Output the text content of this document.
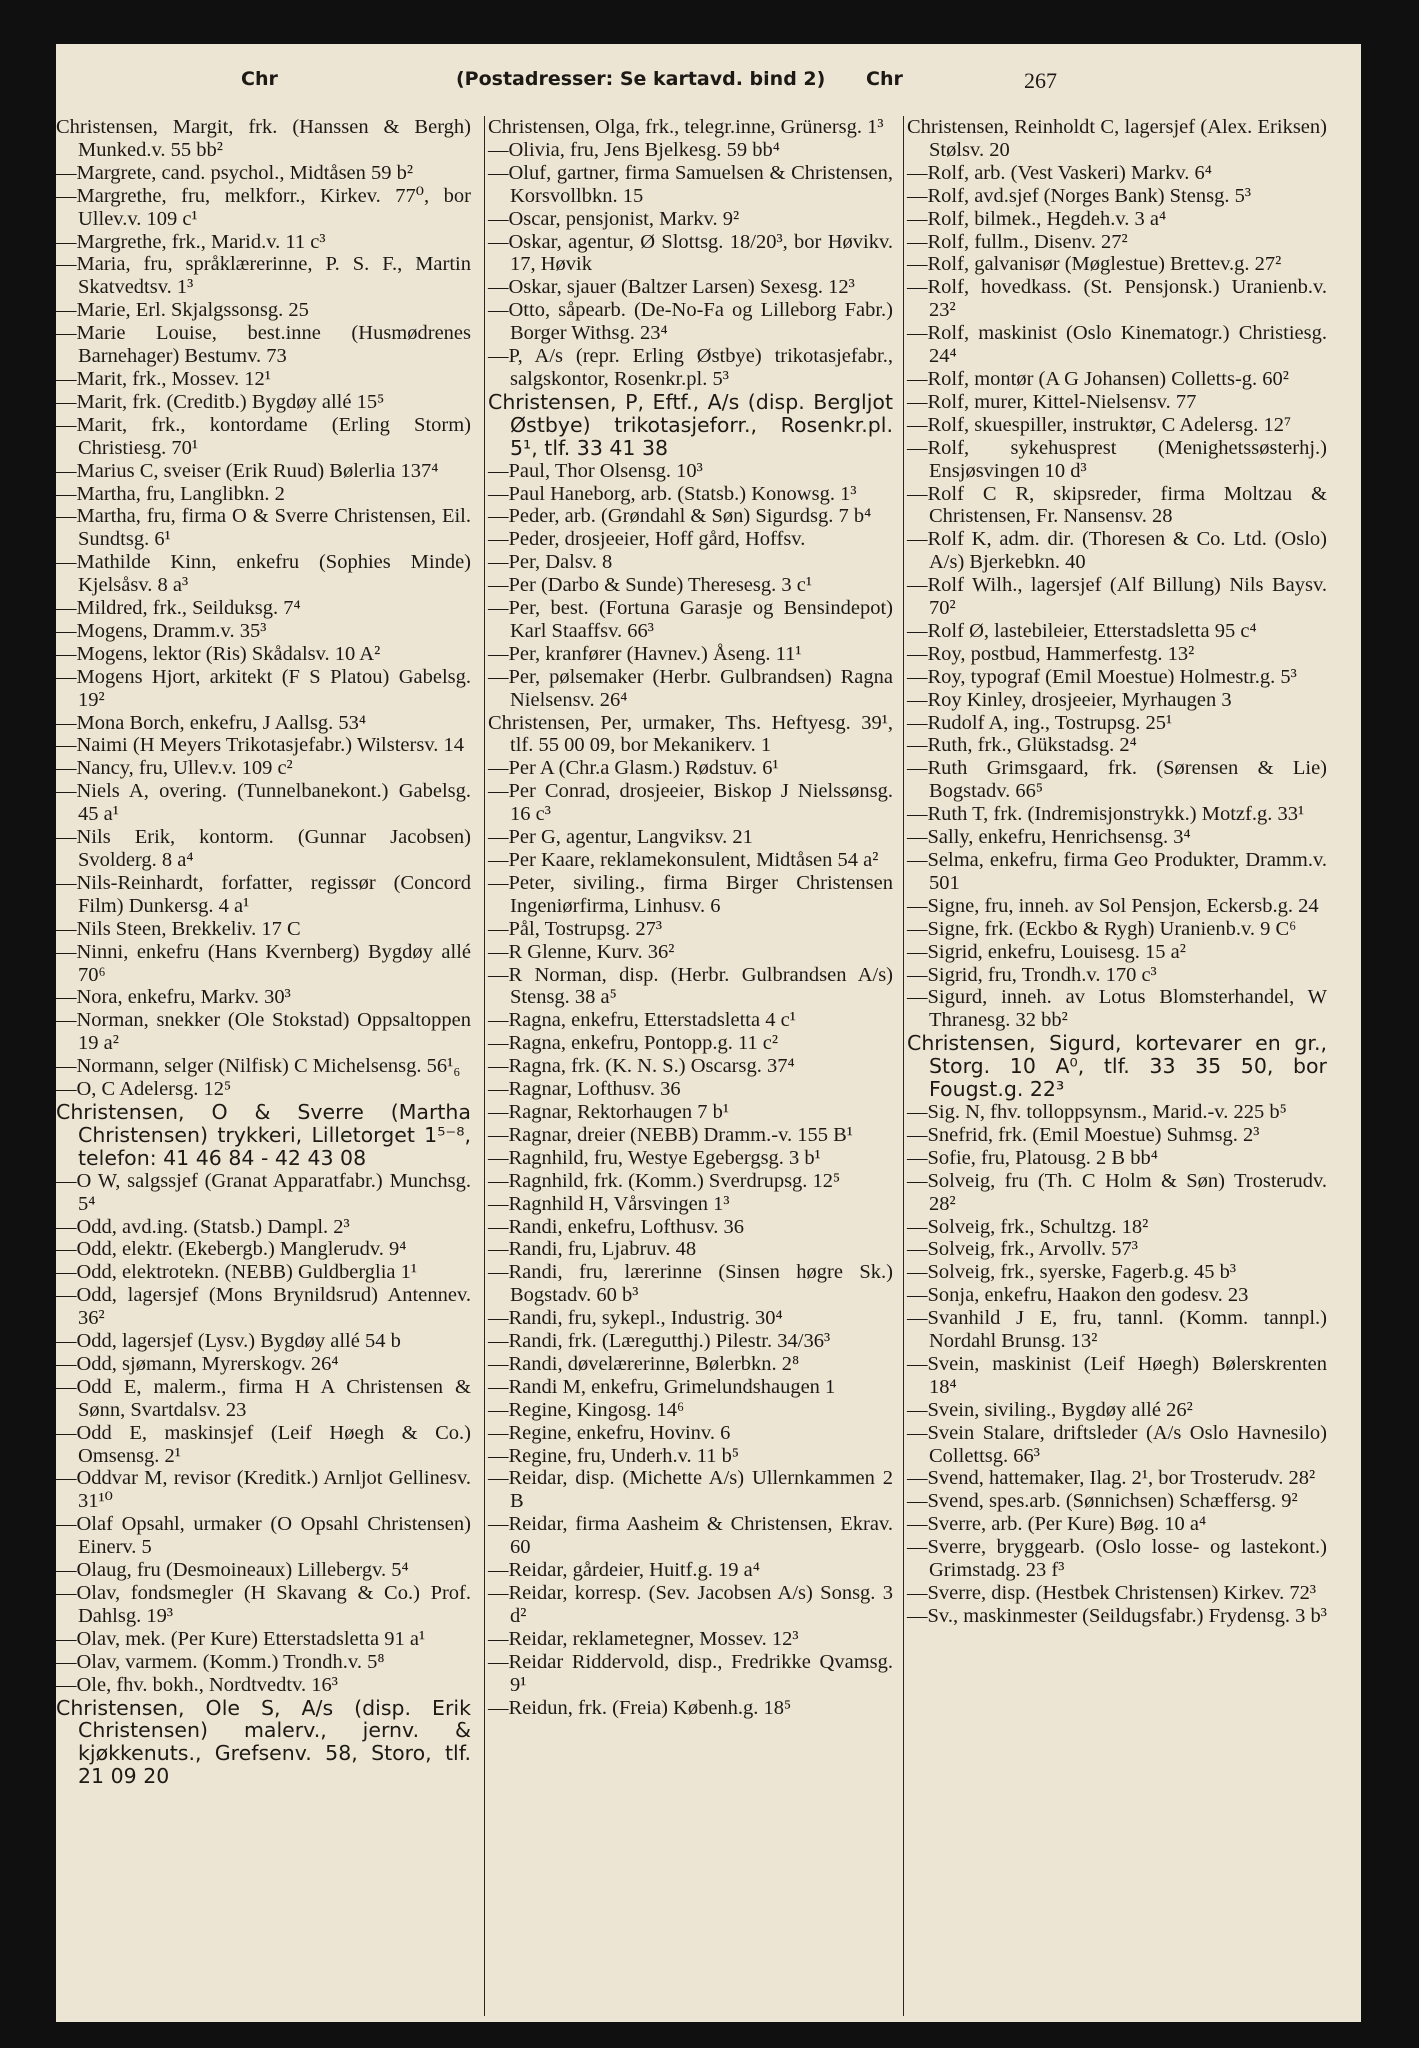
Chr	(Postadresser: Se kartavd. bind 2) Chr	267

Christensen, Margit, frk. (Hanssen & Bergh) Munked.v. 55 bb²

—Margrete, cand. psychol., Midtåsen 59 b²

—Margrethe, fru, melkforr., Kirkev. 77⁰, bor Ullev.v. 109 c¹

—Margrethe, frk., Marid.v. 11 c³

—Maria, fru, språklærerinne, P. S. F., Martin Skatvedtsv. 1³

—Marie, Erl. Skjalgssonsg. 25

—Marie Louise, best.inne (Husmødrenes Barnehager) Bestumv. 73

—Marit, frk., Mossev. 12¹

—Marit, frk. (Creditb.) Bygdøy allé 15⁵

—Marit, frk., kontordame (Erling Storm) Christiesg. 70¹

—Marius C, sveiser (Erik Ruud) Bølerlia 137⁴

—Martha, fru, Langlibkn. 2

—Martha, fru, firma O & Sverre Christensen, Eil. Sundtsg. 6¹

—Mathilde Kinn, enkefru (Sophies Minde) Kjelsåsv. 8 a³

—Mildred, frk., Seilduksg. 7⁴

—Mogens, Dramm.v. 35³

—Mogens, lektor (Ris) Skådalsv. 10 A²

—Mogens Hjort, arkitekt (F S Platou) Gabelsg. 19²

—Mona Borch, enkefru, J Aallsg. 53⁴

—Naimi (H Meyers Trikotasjefabr.) Wilstersv. 14

—Nancy, fru, Ullev.v. 109 c²

—Niels A, overing. (Tunnelbanekont.) Gabelsg. 45 a¹

—Nils Erik, kontorm. (Gunnar Jacobsen) Svolderg. 8 a⁴

—Nils-Reinhardt, forfatter, regissør (Concord Film) Dunkersg. 4 a¹

—Nils Steen, Brekkeliv. 17 C

—Ninni, enkefru (Hans Kvernberg) Bygdøy allé 70⁶

—Nora, enkefru, Markv. 30³

—Norman, snekker (Ole Stokstad) Oppsaltoppen 19 a²

—Normann, selger (Nilfisk) C Michelsensg. 56¹₆

—O, C Adelersg. 12⁵

Christensen, O & Sverre (Martha Christensen) trykkeri, Lilletorget 1⁵⁻⁸, telefon: 41 46 84 - 42 43 08

—O W, salgssjef (Granat Apparatfabr.) Munchsg. 5⁴

—Odd, avd.ing. (Statsb.) Dampl. 2³

—Odd, elektr. (Ekebergb.) Manglerudv. 9⁴

—Odd, elektrotekn. (NEBB) Guldberglia 1¹

—Odd, lagersjef (Mons Brynildsrud) Antennev. 36²

—Odd, lagersjef (Lysv.) Bygdøy allé 54 b

—Odd, sjømann, Myrerskogv. 26⁴

—Odd E, malerm., firma H A Christensen & Sønn, Svartdalsv. 23

—Odd E, maskinsjef (Leif Høegh & Co.) Omsensg. 2¹

—Oddvar M, revisor (Kreditk.) Arnljot Gellinesv. 31¹⁰

—Olaf Opsahl, urmaker (O Opsahl Christensen) Einerv. 5

—Olaug, fru (Desmoineaux) Lillebergv. 5⁴

—Olav, fondsmegler (H Skavang & Co.) Prof. Dahlsg. 19³

—Olav, mek. (Per Kure) Etterstadsletta 91 a¹

—Olav, varmem. (Komm.) Trondh.v. 5⁸

—Ole, fhv. bokh., Nordtvedtv. 16³

Christensen, Ole S, A/s (disp. Erik Christensen) malerv., jernv. & kjøkkenuts., Grefsenv. 58, Storo, tlf. 21 09 20

Christensen, Olga, frk., telegr.inne, Grünersg. 1³

—Olivia, fru, Jens Bjelkesg. 59 bb⁴

—Oluf, gartner, firma Samuelsen & Christensen, Korsvollbkn. 15

—Oscar, pensjonist, Markv. 9²

—Oskar, agentur, Ø Slottsg. 18/20³, bor Høvikv. 17, Høvik

—Oskar, sjauer (Baltzer Larsen) Sexesg. 12³

—Otto, såpearb. (De-No-Fa og Lilleborg Fabr.) Borger Withsg. 23⁴

—P, A/s (repr. Erling Østbye) trikotasjefabr., salgskontor, Rosenkr.pl. 5³

Christensen, P, Eftf., A/s (disp. Bergljot Østbye) trikotasjeforr., Rosenkr.pl. 5¹, tlf. 33 41 38

—Paul, Thor Olsensg. 10³

—Paul Haneborg, arb. (Statsb.) Konowsg. 1³

—Peder, arb. (Grøndahl & Søn) Sigurdsg. 7 b⁴

—Peder, drosjeeier, Hoff gård, Hoffsv.

—Per, Dalsv. 8

—Per (Darbo & Sunde) Theresesg. 3 c¹

—Per, best. (Fortuna Garasje og Bensindepot) Karl Staaffsv. 66³

—Per, kranfører (Havnev.) Åseng. 11¹

—Per, pølsemaker (Herbr. Gulbrandsen) Ragna Nielsensv. 26⁴

Christensen, Per, urmaker, Ths. Heftyesg. 39¹, tlf. 55 00 09, bor Mekanikerv. 1

—Per A (Chr.a Glasm.) Rødstuv. 6¹

—Per Conrad, drosjeeier, Biskop J Nielssønsg. 16 c³

—Per G, agentur, Langviksv. 21

—Per Kaare, reklamekonsulent, Midtåsen 54 a²

—Peter, siviling., firma Birger Christensen Ingeniørfirma, Linhusv. 6

—Pål, Tostrupsg. 27³

—R Glenne, Kurv. 36²

—R Norman, disp. (Herbr. Gulbrandsen A/s) Stensg. 38 a⁵

—Ragna, enkefru, Etterstadsletta 4 c¹

—Ragna, enkefru, Pontopp.g. 11 c²

—Ragna, frk. (K. N. S.) Oscarsg. 37⁴

—Ragnar, Lofthusv. 36

—Ragnar, Rektorhaugen 7 b¹

—Ragnar, dreier (NEBB) Dramm.-v. 155 B¹

—Ragnhild, fru, Westye Egebergsg. 3 b¹

—Ragnhild, frk. (Komm.) Sverdrupsg. 12⁵

—Ragnhild H, Vårsvingen 1³

—Randi, enkefru, Lofthusv. 36

—Randi, fru, Ljabruv. 48

—Randi, fru, lærerinne (Sinsen høgre Sk.) Bogstadv. 60 b³

—Randi, fru, sykepl., Industrig. 30⁴

—Randi, frk. (Læregutthj.) Pilestr. 34/36³

—Randi, døvelærerinne, Bølerbkn. 2⁸

—Randi M, enkefru, Grimelundshaugen 1

—Regine, Kingosg. 14⁶

—Regine, enkefru, Hovinv. 6

—Regine, fru, Underh.v. 11 b⁵

—Reidar, disp. (Michette A/s) Ullernkammen 2 B

—Reidar, firma Aasheim & Christensen, Ekrav. 60

—Reidar, gårdeier, Huitf.g. 19 a⁴

—Reidar, korresp. (Sev. Jacobsen A/s) Sonsg. 3 d²

—Reidar, reklametegner, Mossev. 12³

—Reidar Riddervold, disp., Fredrikke Qvamsg. 9¹

—Reidun, frk. (Freia) Københ.g. 18⁵

Christensen, Reinholdt C, lagersjef (Alex. Eriksen) Stølsv. 20

—Rolf, arb. (Vest Vaskeri) Markv. 6⁴

—Rolf, avd.sjef (Norges Bank) Stensg. 5³

—Rolf, bilmek., Hegdeh.v. 3 a⁴

—Rolf, fullm., Disenv. 27²

—Rolf, galvanisør (Møglestue) Brettev.g. 27²

—Rolf, hovedkass. (St. Pensjonsk.) Uranienb.v. 23²

—Rolf, maskinist (Oslo Kinematogr.) Christiesg. 24⁴

—Rolf, montør (A G Johansen) Colletts-g. 60²

—Rolf, murer, Kittel-Nielsensv. 77

—Rolf, skuespiller, instruktør, C Adelersg. 12⁷

—Rolf, sykehusprest (Menighetssøsterhj.) Ensjøsvingen 10 d³

—Rolf C R, skipsreder, firma Moltzau & Christensen, Fr. Nansensv. 28

—Rolf K, adm. dir. (Thoresen & Co. Ltd. (Oslo) A/s) Bjerkebkn. 40

—Rolf Wilh., lagersjef (Alf Billung) Nils Baysv. 70²

—Rolf Ø, lastebileier, Etterstadsletta 95 c⁴

—Roy, postbud, Hammerfestg. 13²

—Roy, typograf (Emil Moestue) Holmestr.g. 5³

—Roy Kinley, drosjeeier, Myrhaugen 3

—Rudolf A, ing., Tostrupsg. 25¹

—Ruth, frk., Glükstadsg. 2⁴

—Ruth Grimsgaard, frk. (Sørensen & Lie) Bogstadv. 66⁵

—Ruth T, frk. (Indremisjonstrykk.) Motzf.g. 33¹

—Sally, enkefru, Henrichsensg. 3⁴

—Selma, enkefru, firma Geo Produkter, Dramm.v. 501

—Signe, fru, inneh. av Sol Pensjon, Eckersb.g. 24

—Signe, frk. (Eckbo & Rygh) Uranienb.v. 9 C⁶

—Sigrid, enkefru, Louisesg. 15 a²

—Sigrid, fru, Trondh.v. 170 c³

—Sigurd, inneh. av Lotus Blomsterhandel, W Thranesg. 32 bb²

Christensen, Sigurd, kortevarer en gr., Storg. 10 A⁰, tlf. 33 35 50, bor Fougst.g. 22³

—Sig. N, fhv. tolloppsynsm., Marid.-v. 225 b⁵

—Snefrid, frk. (Emil Moestue) Suhmsg. 2³

—Sofie, fru, Platousg. 2 B bb⁴

—Solveig, fru (Th. C Holm & Søn) Trosterudv. 28²

—Solveig, frk., Schultzg. 18²

—Solveig, frk., Arvollv. 57³

—Solveig, frk., syerske, Fagerb.g. 45 b³

—Sonja, enkefru, Haakon den godesv. 23

—Svanhild J E, fru, tannl. (Komm. tannpl.) Nordahl Brunsg. 13²

—Svein, maskinist (Leif Høegh) Bølerskrenten 18⁴

—Svein, siviling., Bygdøy allé 26²

—Svein Stalare, driftsleder (A/s Oslo Havnesilo) Collettsg. 66³

—Svend, hattemaker, Ilag. 2¹, bor Trosterudv. 28²

—Svend, spes.arb. (Sønnichsen) Schæffersg. 9²

—Sverre, arb. (Per Kure) Bøg. 10 a⁴

—Sverre, bryggearb. (Oslo losse- og lastekont.) Grimstadg. 23 f³

—Sverre, disp. (Hestbek Christensen) Kirkev. 72³

—Sv., maskinmester (Seildugsfabr.) Frydensg. 3 b³
